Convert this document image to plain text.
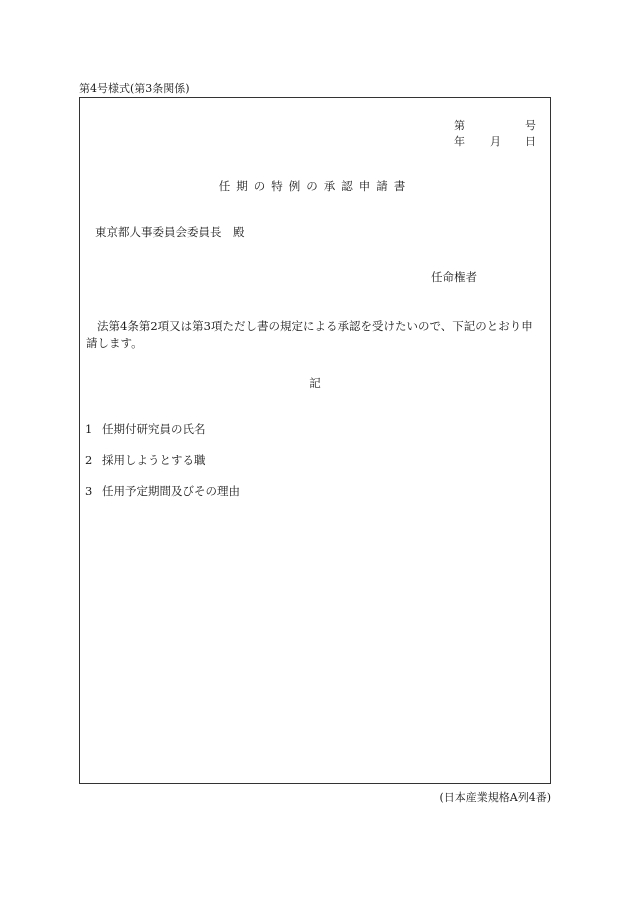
第4号様式(第3条関係)
第	号
年 月 日
任期の特例の承認申請書
東京都人事委員会委員長　殿
任命権者
法第4条第2項又は第3項ただし書の規定による承認を受けたいので、下記のとおり申請します。
記
1 任期付研究員の氏名
2 採用しようとする職
3 任用予定期間及びその理由
(日本産業規格A列4番)
